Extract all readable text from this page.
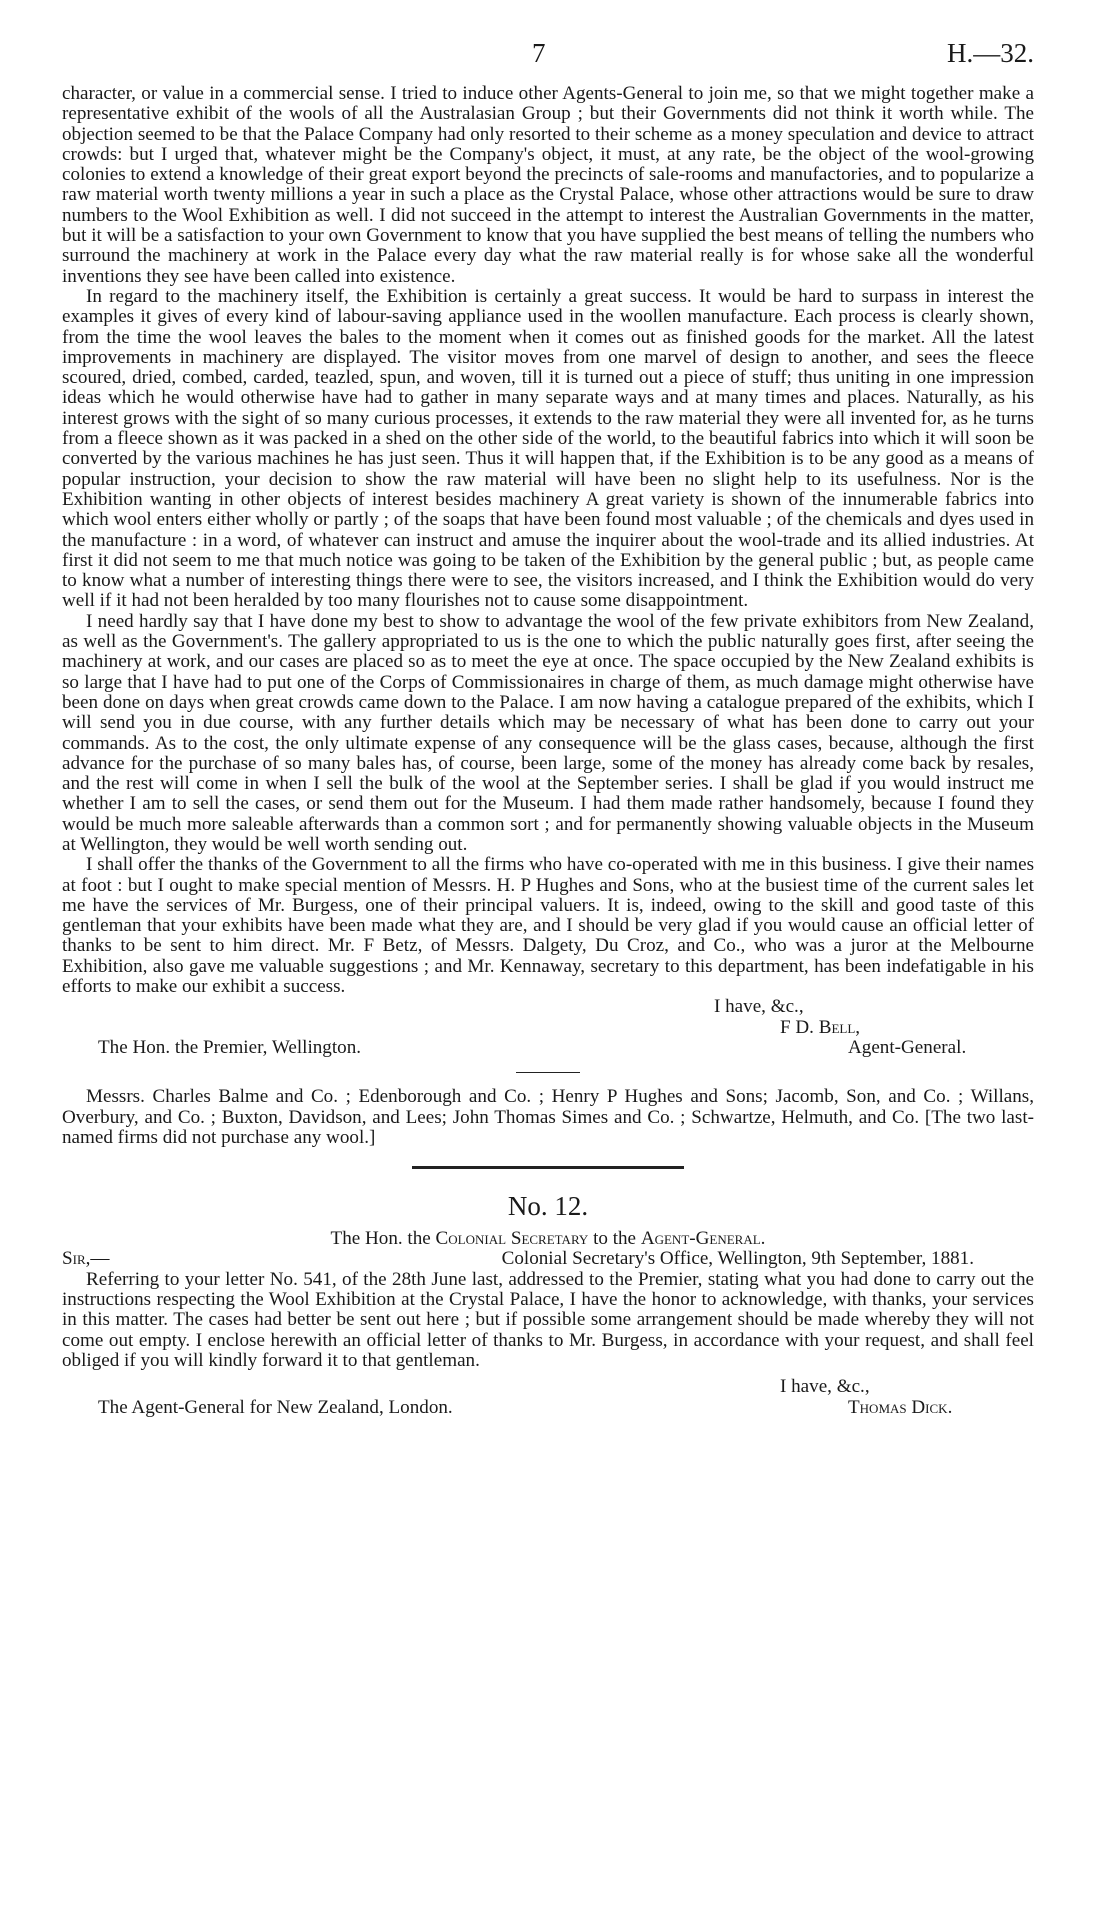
7	H.—32.

character, or value in a commercial sense. I tried to induce other Agents-General to join me, so that we might together make a representative exhibit of the wools of all the Australasian Group ; but their Governments did not think it worth while. The objection seemed to be that the Palace Company had only resorted to their scheme as a money speculation and device to attract crowds: but I urged that, whatever might be the Company's object, it must, at any rate, be the object of the wool-growing colonies to extend a knowledge of their great export beyond the precincts of sale-rooms and manufactories, and to popularize a raw material worth twenty millions a year in such a place as the Crystal Palace, whose other attractions would be sure to draw numbers to the Wool Exhibition as well. I did not succeed in the attempt to interest the Australian Governments in the matter, but it will be a satisfaction to your own Government to know that you have supplied the best means of telling the numbers who surround the machinery at work in the Palace every day what the raw material really is for whose sake all the wonderful inventions they see have been called into existence.

In regard to the machinery itself, the Exhibition is certainly a great success. It would be hard to surpass in interest the examples it gives of every kind of labour-saving appliance used in the woollen manufacture. Each process is clearly shown, from the time the wool leaves the bales to the moment when it comes out as finished goods for the market. All the latest improvements in machinery are displayed. The visitor moves from one marvel of design to another, and sees the fleece scoured, dried, combed, carded, teazled, spun, and woven, till it is turned out a piece of stuff; thus uniting in one impression ideas which he would otherwise have had to gather in many separate ways and at many times and places. Naturally, as his interest grows with the sight of so many curious processes, it extends to the raw material they were all invented for, as he turns from a fleece shown as it was packed in a shed on the other side of the world, to the beautiful fabrics into which it will soon be converted by the various machines he has just seen. Thus it will happen that, if the Exhibition is to be any good as a means of popular instruction, your decision to show the raw material will have been no slight help to its usefulness. Nor is the Exhibition wanting in other objects of interest besides machinery A great variety is shown of the innumerable fabrics into which wool enters either wholly or partly ; of the soaps that have been found most valuable ; of the chemicals and dyes used in the manufacture : in a word, of whatever can instruct and amuse the inquirer about the wool-trade and its allied industries. At first it did not seem to me that much notice was going to be taken of the Exhibition by the general public ; but, as people came to know what a number of interesting things there were to see, the visitors increased, and I think the Exhibition would do very well if it had not been heralded by too many flourishes not to cause some disappointment.

I need hardly say that I have done my best to show to advantage the wool of the few private exhibitors from New Zealand, as well as the Government's. The gallery appropriated to us is the one to which the public naturally goes first, after seeing the machinery at work, and our cases are placed so as to meet the eye at once. The space occupied by the New Zealand exhibits is so large that I have had to put one of the Corps of Commissionaires in charge of them, as much damage might otherwise have been done on days when great crowds came down to the Palace. I am now having a catalogue prepared of the exhibits, which I will send you in due course, with any further details which may be necessary of what has been done to carry out your commands. As to the cost, the only ultimate expense of any consequence will be the glass cases, because, although the first advance for the purchase of so many bales has, of course, been large, some of the money has already come back by resales, and the rest will come in when I sell the bulk of the wool at the September series. I shall be glad if you would instruct me whether I am to sell the cases, or send them out for the Museum. I had them made rather handsomely, because I found they would be much more saleable afterwards than a common sort ; and for permanently showing valuable objects in the Museum at Wellington, they would be well worth sending out.

I shall offer the thanks of the Government to all the firms who have co-operated with me in this business. I give their names at foot : but I ought to make special mention of Messrs. H. P Hughes and Sons, who at the busiest time of the current sales let me have the services of Mr. Burgess, one of their principal valuers. It is, indeed, owing to the skill and good taste of this gentleman that your exhibits have been made what they are, and I should be very glad if you would cause an official letter of thanks to be sent to him direct. Mr. F Betz, of Messrs. Dalgety, Du Croz, and Co., who was a juror at the Melbourne Exhibition, also gave me valuable suggestions ; and Mr. Kennaway, secretary to this department, has been indefatigable in his efforts to make our exhibit a success.

I have, &c.,
F D. Bell,
The Hon. the Premier, Wellington.	Agent-General.

Messrs. Charles Balme and Co. ; Edenborough and Co. ; Henry P Hughes and Sons; Jacomb, Son, and Co. ; Willans, Overbury, and Co. ; Buxton, Davidson, and Lees; John Thomas Simes and Co. ; Schwartze, Helmuth, and Co. [The two last-named firms did not purchase any wool.]

No. 12.
The Hon. the Colonial Secretary to the Agent-General.
Sir,—	Colonial Secretary's Office, Wellington, 9th September, 1881.

Referring to your letter No. 541, of the 28th June last, addressed to the Premier, stating what you had done to carry out the instructions respecting the Wool Exhibition at the Crystal Palace, I have the honor to acknowledge, with thanks, your services in this matter. The cases had better be sent out here ; but if possible some arrangement should be made whereby they will not come out empty. I enclose herewith an official letter of thanks to Mr. Burgess, in accordance with your request, and shall feel obliged if you will kindly forward it to that gentleman.

I have, &c.,
The Agent-General for New Zealand, London.	Thomas Dick.
